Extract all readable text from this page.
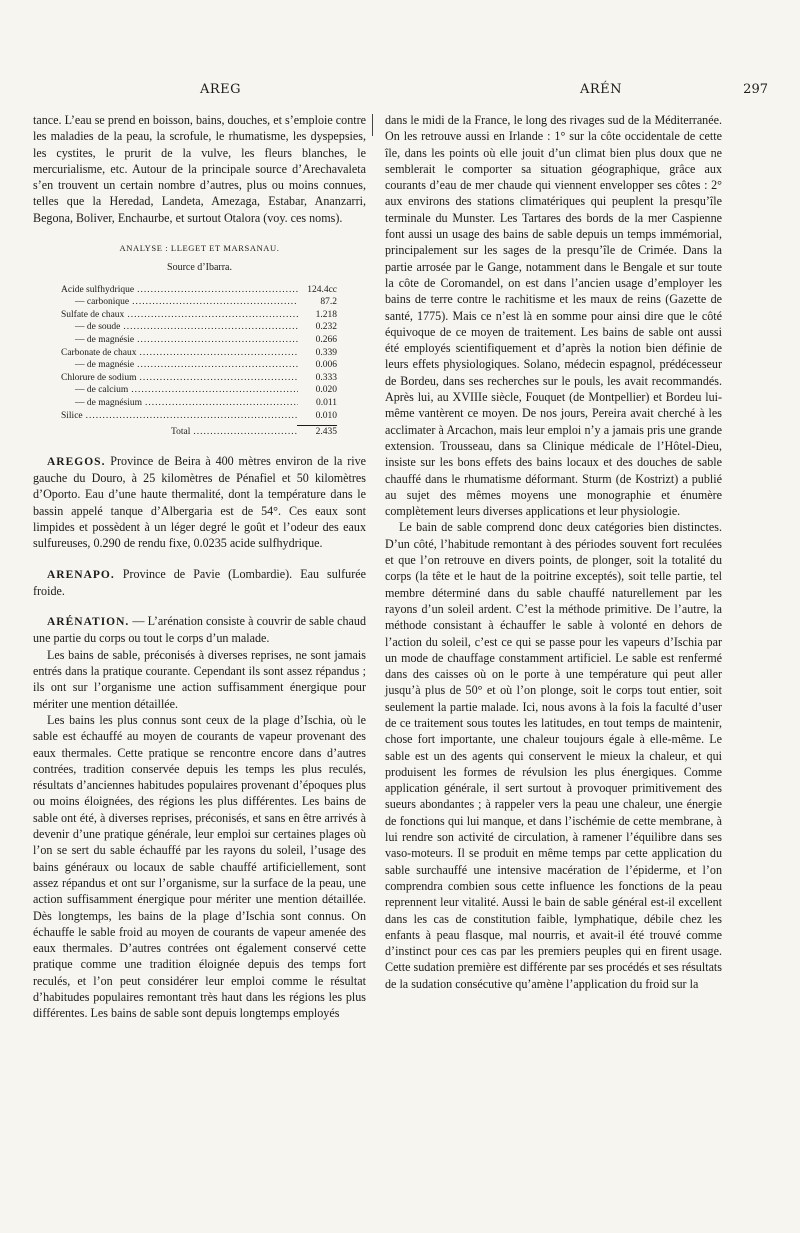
AREG	ARÉN	297

tance. L’eau se prend en boisson, bains, douches, et s’emploie contre les maladies de la peau, la scrofule, le rhumatisme, les dyspepsies, les cystites, le prurit de la vulve, les fleurs blanches, le mercurialisme, etc. Autour de la principale source d’Arechavaleta s’en trouvent un certain nombre d’autres, plus ou moins connues, telles que la Heredad, Landeta, Amezaga, Estabar, Ananzarri, Begona, Boliver, Enchaurbe, et surtout Otalora (voy. ces noms).

ANALYSE : LLEGET ET MARSANAU.
Source d’Ibarra.
Acide sulfhydrique .....	124.4cc
— carbonique .....	87.2
Sulfate de chaux .....	1.218
— de soude .....	0.232
— de magnésie .....	0.266
Carbonate de chaux .....	0.339
— de magnésie .....	0.006
Chlorure de sodium .....	0.333
— de calcium .....	0.020
— de magnésium .....	0.011
Silice .....	0.010
Total .....	2.435

AREGOS. Province de Beira à 400 mètres environ de la rive gauche du Douro, à 25 kilomètres de Pénafiel et 50 kilomètres d’Oporto. Eau d’une haute thermalité, dont la température dans le bassin appelé tanque d’Albergaria est de 54°. Ces eaux sont limpides et possèdent à un léger degré le goût et l’odeur des eaux sulfureuses, 0.290 de rendu fixe, 0.0235 acide sulfhydrique.

ARENAPO. Province de Pavie (Lombardie). Eau sulfurée froide.

ARÉNATION. — L’arénation consiste à couvrir de sable chaud une partie du corps ou tout le corps d’un malade.

Les bains de sable, préconisés à diverses reprises, ne sont jamais entrés dans la pratique courante. Cependant ils sont assez répandus ; ils ont sur l’organisme une action suffisamment énergique pour mériter une mention détaillée.

Les bains les plus connus sont ceux de la plage d’Ischia, où le sable est échauffé au moyen de courants de vapeur provenant des eaux thermales. Cette pratique se rencontre encore dans d’autres contrées, tradition conservée depuis les temps les plus reculés, résultats d’anciennes habitudes populaires provenant d’époques plus ou moins éloignées, des régions les plus différentes. Les bains de sable ont été, à diverses reprises, préconisés, et sans en être arrivés à devenir d’une pratique générale, leur emploi sur certaines plages où l’on se sert du sable échauffé par les rayons du soleil, l’usage des bains généraux ou locaux de sable chauffé artificiellement, sont assez répandus et ont sur l’organisme, sur la surface de la peau, une action suffisamment énergique pour mériter une mention détaillée. Dès longtemps, les bains de la plage d’Ischia sont connus. On échauffe le sable froid au moyen de courants de vapeur amenée des eaux thermales. D’autres contrées ont également conservé cette pratique comme une tradition éloignée depuis des temps fort reculés, et l’on peut considérer leur emploi comme le résultat d’habitudes populaires remontant très haut dans les régions les plus différentes. Les bains de sable sont depuis longtemps employés

dans le midi de la France, le long des rivages sud de la Méditerranée. On les retrouve aussi en Irlande : 1° sur la côte occidentale de cette île, dans les points où elle jouit d’un climat bien plus doux que ne semblerait le comporter sa situation géographique, grâce aux courants d’eau de mer chaude qui viennent envelopper ses côtes : 2° aux environs des stations climatériques qui peuplent la presqu’île terminale du Munster. Les Tartares des bords de la mer Caspienne font aussi un usage des bains de sable depuis un temps immémorial, principalement sur les sages de la presqu’île de Crimée. Dans la partie arrosée par le Gange, notamment dans le Bengale et sur toute la côte de Coromandel, on est dans l’ancien usage d’employer les bains de terre contre le rachitisme et les maux de reins (Gazette de santé, 1775). Mais ce n’est là en somme pour ainsi dire que le côté équivoque de ce moyen de traitement. Les bains de sable ont aussi été employés scientifiquement et d’après la notion bien définie de leurs effets physiologiques. Solano, médecin espagnol, prédécesseur de Bordeu, dans ses recherches sur le pouls, les avait recommandés. Après lui, au XVIIIe siècle, Fouquet (de Montpellier) et Bordeu lui-même vantèrent ce moyen. De nos jours, Pereira avait cherché à les acclimater à Arcachon, mais leur emploi n’y a jamais pris une grande extension. Trousseau, dans sa Clinique médicale de l’Hôtel-Dieu, insiste sur les bons effets des bains locaux et des douches de sable chauffé dans le rhumatisme déformant. Sturm (de Kostrizt) a publié au sujet des mêmes moyens une monographie et énumère complètement leurs diverses applications et leur physiologie.

Le bain de sable comprend donc deux catégories bien distinctes. D’un côté, l’habitude remontant à des périodes souvent fort reculées et que l’on retrouve en divers points, de plonger, soit la totalité du corps (la tête et le haut de la poitrine exceptés), soit telle partie, tel membre déterminé dans du sable chauffé naturellement par les rayons d’un soleil ardent. C’est la méthode primitive. De l’autre, la méthode consistant à échauffer le sable à volonté en dehors de l’action du soleil, c’est ce qui se passe pour les vapeurs d’Ischia par un mode de chauffage constamment artificiel. Le sable est renfermé dans des caisses où on le porte à une température qui peut aller jusqu’à plus de 50° et où l’on plonge, soit le corps tout entier, soit seulement la partie malade. Ici, nous avons à la fois la faculté d’user de ce traitement sous toutes les latitudes, en tout temps de maintenir, chose fort importante, une chaleur toujours égale à elle-même. Le sable est un des agents qui conservent le mieux la chaleur, et qui produisent les formes de révulsion les plus énergiques. Comme application générale, il sert surtout à provoquer primitivement des sueurs abondantes ; à rappeler vers la peau une chaleur, une énergie de fonctions qui lui manque, et dans l’ischémie de cette membrane, à lui rendre son activité de circulation, à ramener l’équilibre dans ses vaso-moteurs. Il se produit en même temps par cette application du sable surchauffé une intensive macération de l’épiderme, et l’on comprendra combien sous cette influence les fonctions de la peau reprennent leur vitalité. Aussi le bain de sable général est-il excellent dans les cas de constitution faible, lymphatique, débile chez les enfants à peau flasque, mal nourris, et avait-il été trouvé comme d’instinct pour ces cas par les premiers peuples qui en firent usage. Cette sudation première est différente par ses procédés et ses résultats de la sudation consécutive qu’amène l’application du froid sur la
